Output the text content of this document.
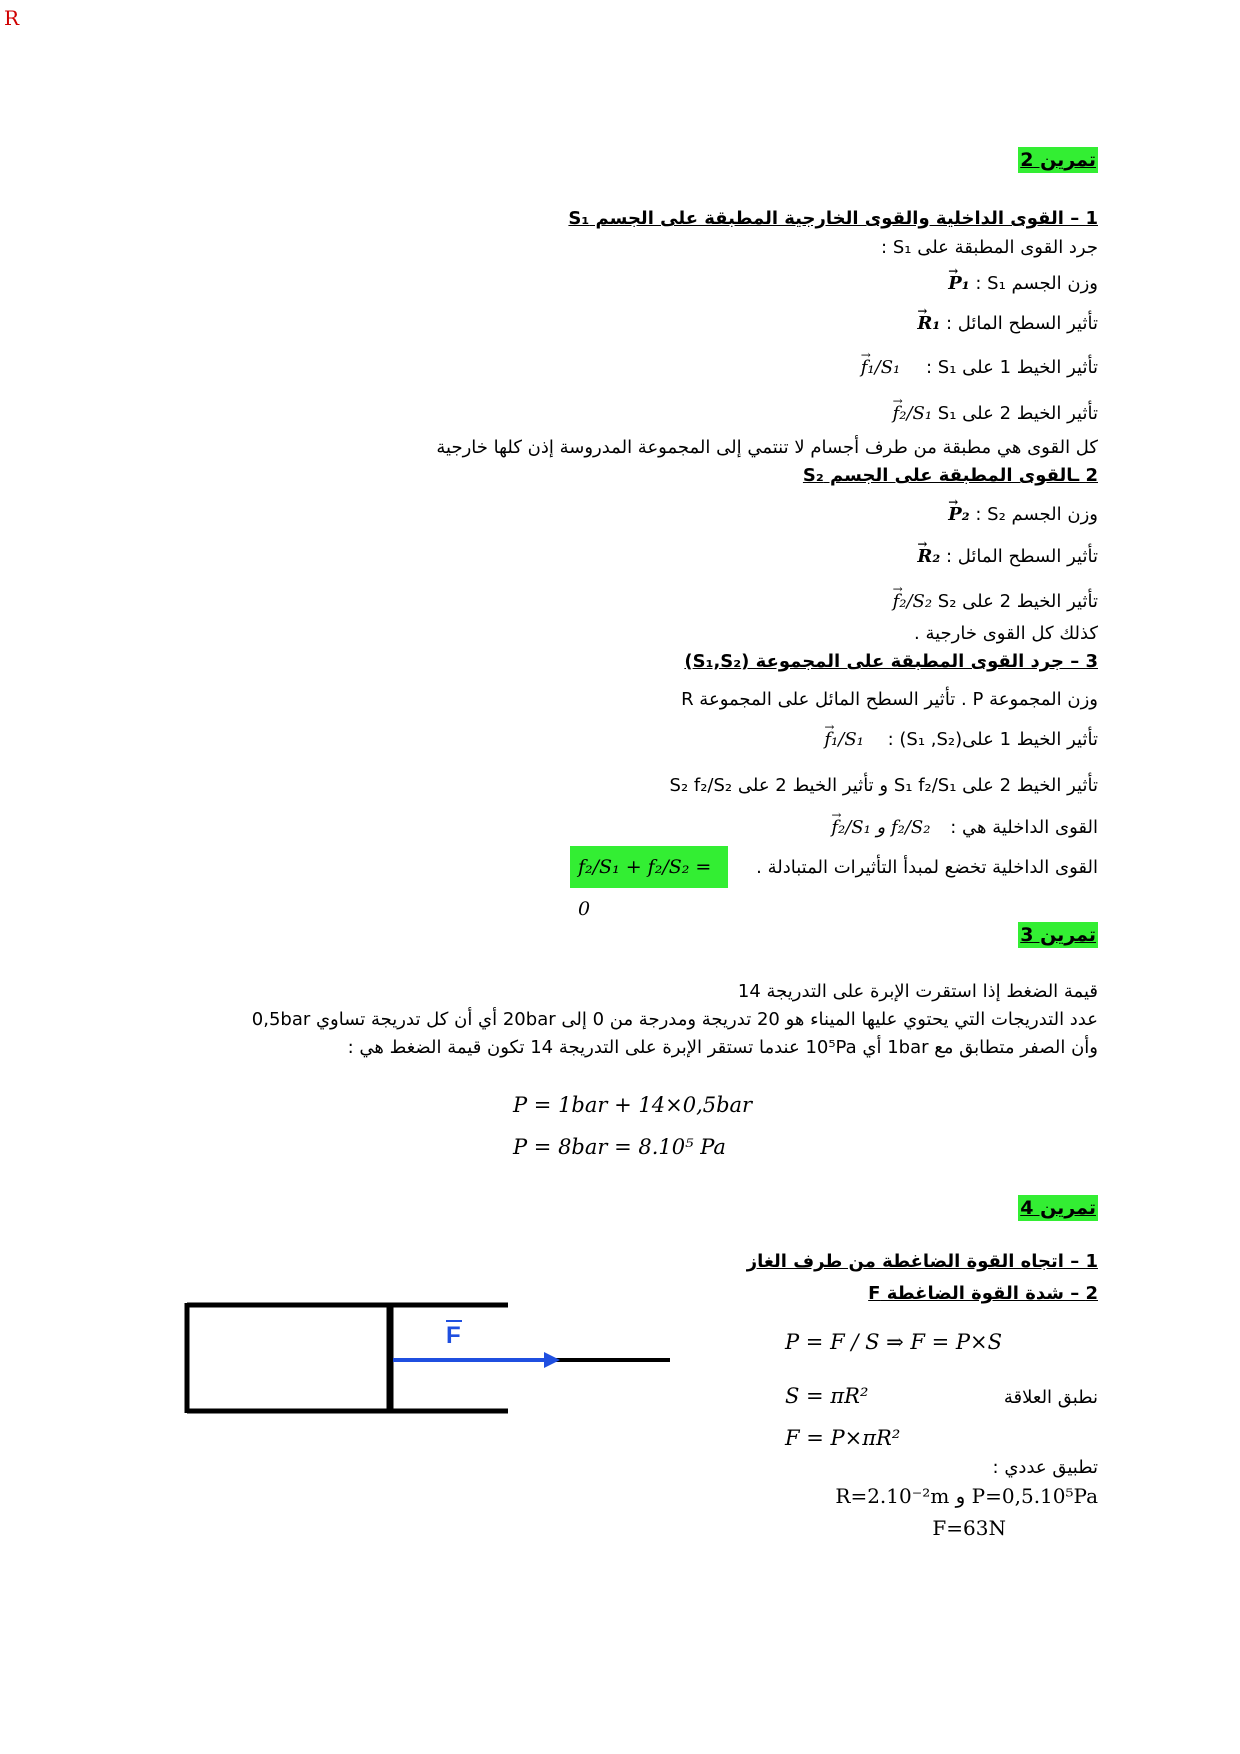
R
تمرين 2
1 – القوى الداخلية والقوى الخارجية المطبقة على الجسم S₁
جرد القوى المطبقة على S₁ :
وزن الجسم S₁ : → P₁
تأثير السطح المائل : → R₁
تأثير الخيط 1 على S₁ : → f₁/S₁
تأثير الخيط 2 على S₁ → f₂/S₁
كل القوى هي مطبقة من طرف أجسام لا تنتمي إلى المجموعة المدروسة إذن كلها خارجية
2 ـالقوى المطبقة على الجسم S₂
وزن الجسم S₂ : → P₂
تأثير السطح المائل : → R₂
تأثير الخيط 2 على S₂ → f₂/S₂
كذلك كل القوى خارجية .
3 – جرد القوى المطبقة على المجموعة (S₁,S₂)
وزن المجموعة P . تأثير السطح المائل على المجموعة R
تأثير الخيط 1 على(S₁ ,S₂) : → f₁/S₁
تأثير الخيط 2 على S₁ f₂/S₁ و تأثير الخيط 2 على S₂ f₂/S₂
القوى الداخلية هي : → f₂/S₁ و f₂/S₂
القوى الداخلية تخضع لمبدأ التأثيرات المتبادلة .
f₂/S₁ + f₂/S₂ = 0
تمرين 3
قيمة الضغط إذا استقرت الإبرة على التدريجة 14
عدد التدريجات التي يحتوي عليها الميناء هو 20 تدريجة ومدرجة من 0 إلى 20bar أي أن كل تدريجة تساوي 0,5bar
وأن الصفر متطابق مع 1bar أي 10⁵Pa عندما تستقر الإبرة على التدريجة 14 تكون قيمة الضغط هي :
P = 1bar + 14×0,5bar
P = 8bar = 8.10⁵ Pa
تمرين 4
1 – اتجاه القوة الضاغطة من طرف الغاز
2 – شدة القوة الضاغطة F
P = F / S ⇒ F = P×S
S = πR²	نطبق العلاقة
F = P×πR²
تطبيق عددي :
R=2.10⁻²m و P=0,5.10⁵Pa
F=63N
F
